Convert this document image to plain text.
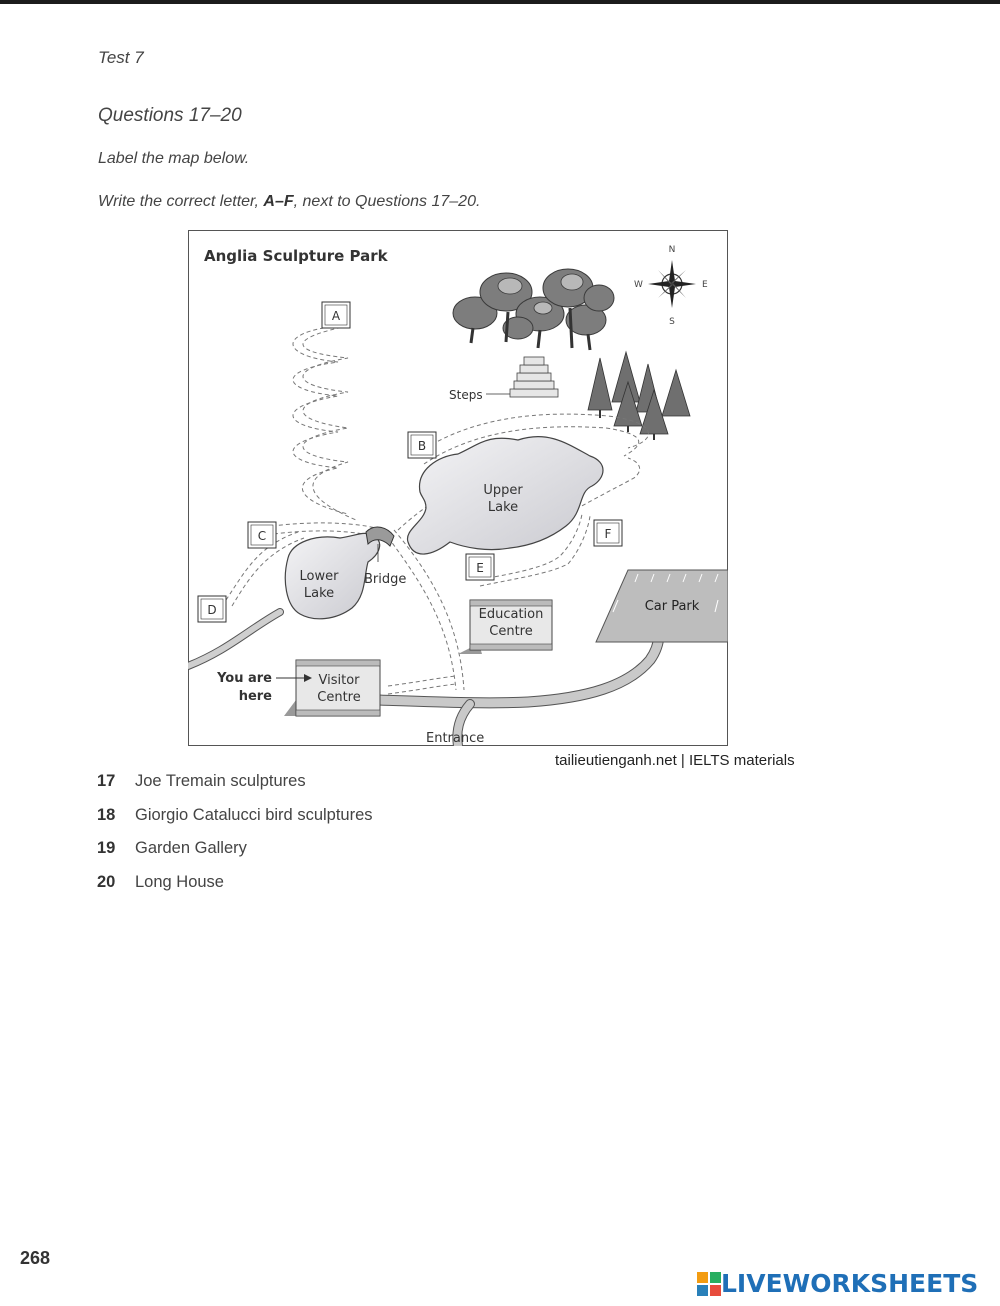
Test 7
Questions 17–20
Label the map below.
Write the correct letter, A–F, next to Questions 17–20.
Anglia Sculpture Park	N
S
E
W
Steps
Upper
Lake
Lower
Lake
Bridge
Car Park
Education
Centre
Visitor
Centre
You are
here
Entrance
A
B
C
D
E
F
tailieutienganh.net | IELTS materials
17 Joe Tremain sculptures
18 Giorgio Catalucci bird sculptures
19 Garden Gallery
20 Long House
268
LIVEWORKSHEETS
